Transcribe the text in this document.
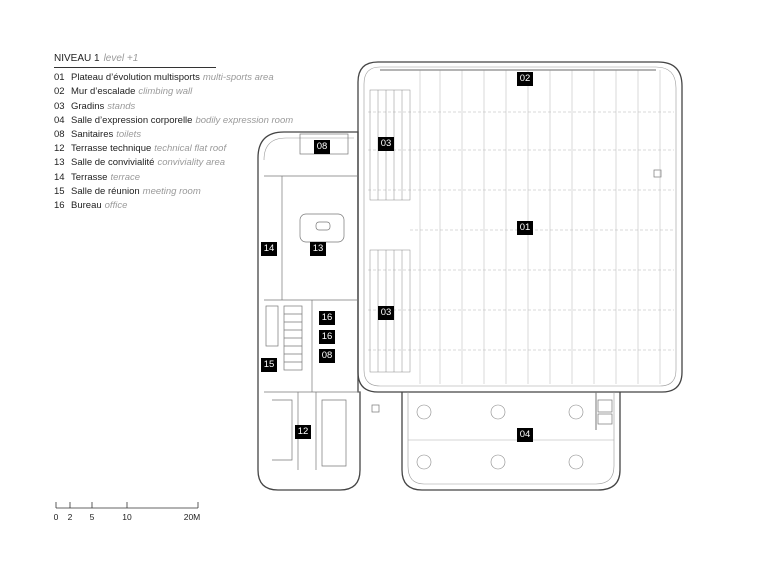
NIVEAU 1 level +1
01 Plateau d’évolution multisports multi-sports area
02 Mur d’escalade climbing wall
03 Gradins stands
04 Salle d’expression corporelle bodily expression room
08 Sanitaires toilets
12 Terrasse technique technical flat roof
13 Salle de convivialité conviviality area
14 Terrasse terrace
15 Salle de réunion meeting room
16 Bureau office
02
03
08
01
14	13
03
16
16
08
15
12	04
0 2 5	10	20M
